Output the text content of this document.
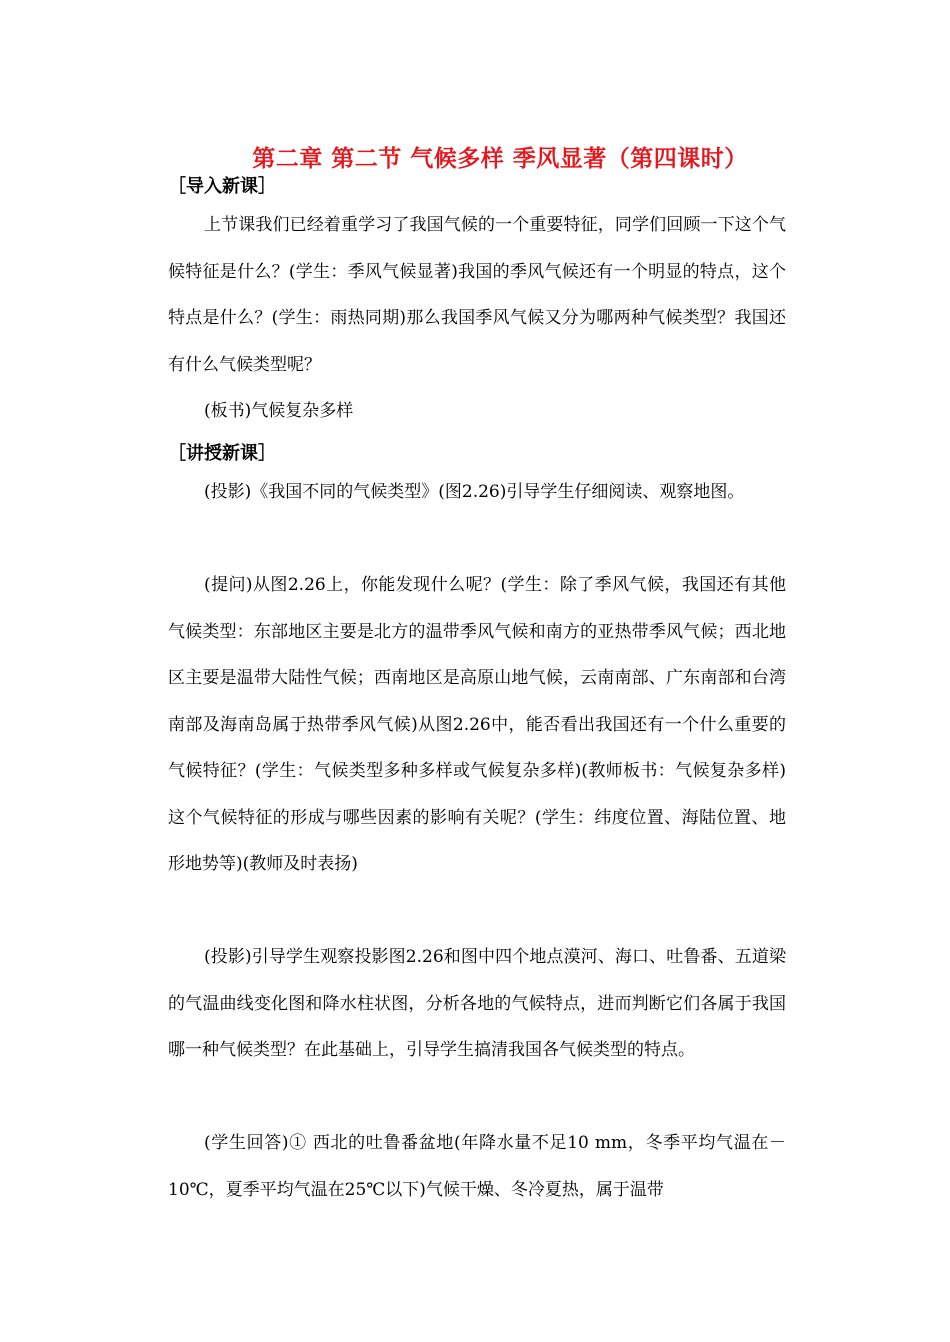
第二章 第二节 气候多样 季风显著（第四课时）
［导入新课］
上节课我们已经着重学习了我国气候的一个重要特征，同学们回顾一下这个气候特征是什么？(学生：季风气候显著)我国的季风气候还有一个明显的特点，这个特点是什么？(学生：雨热同期)那么我国季风气候又分为哪两种气候类型？我国还有什么气候类型呢？
(板书)气候复杂多样
［讲授新课］
(投影)《我国不同的气候类型》(图2.26)引导学生仔细阅读、观察地图。
(提问)从图2.26上，你能发现什么呢？(学生：除了季风气候，我国还有其他气候类型：东部地区主要是北方的温带季风气候和南方的亚热带季风气候；西北地区主要是温带大陆性气候；西南地区是高原山地气候，云南南部、广东南部和台湾南部及海南岛属于热带季风气候)从图2.26中，能否看出我国还有一个什么重要的气候特征？(学生：气候类型多种多样或气候复杂多样)(教师板书：气候复杂多样)这个气候特征的形成与哪些因素的影响有关呢？(学生：纬度位置、海陆位置、地形地势等)(教师及时表扬)
(投影)引导学生观察投影图2.26和图中四个地点漠河、海口、吐鲁番、五道梁的气温曲线变化图和降水柱状图，分析各地的气候特点，进而判断它们各属于我国哪一种气候类型？在此基础上，引导学生搞清我国各气候类型的特点。
(学生回答)① 西北的吐鲁番盆地(年降水量不足10 mm，冬季平均气温在－10℃，夏季平均气温在25℃以下)气候干燥、冬冷夏热，属于温带
